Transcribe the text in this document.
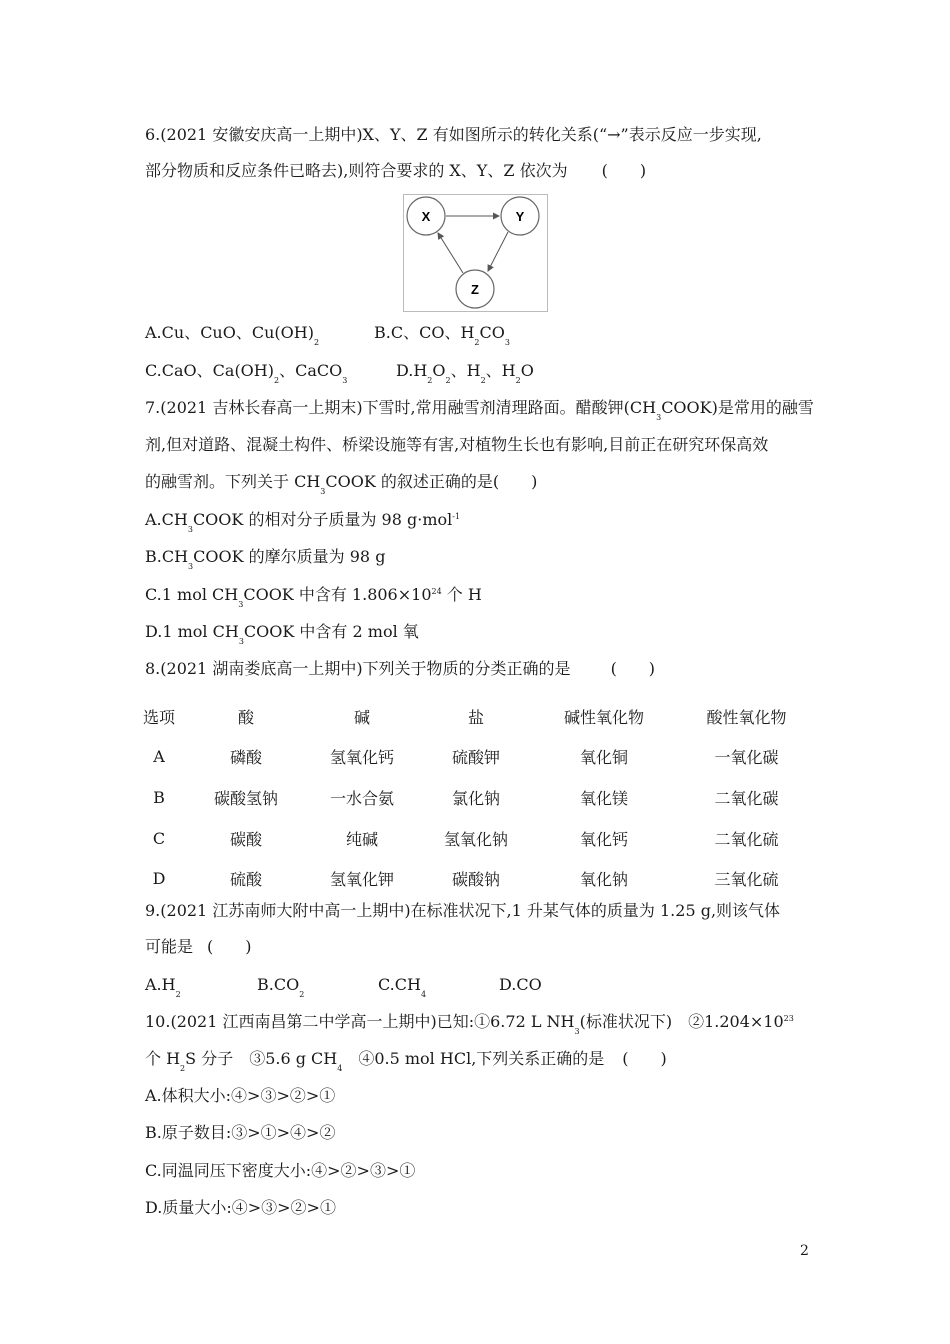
6.(2021 安徽安庆高一上期中)X、Y、Z 有如图所示的转化关系(“→”表示反应一步实现,
部分物质和反应条件已略去),则符合要求的 X、Y、Z 依次为 (　　)
X	Y
Z
A.Cu、CuO、$Cu(OH)_2$
B.C、CO、$H_2CO_3$
C.CaO、$Ca(OH)_2$、CaCO$_3$
$D.H_2O_2$、$H_2$、$H_2O$
7.(2021 吉林长春高一上期末)下雪时,常用融雪剂清理路面。醋酸钾$(CH_3COOK)$是常用的融雪
剂,但对道路、混凝土构件、桥梁设施等有害,对植物生长也有影响,目前正在研究环保高效
的融雪剂。下列关于 $CH_3COOK$ 的叙述正确的是(　　)
$A.CH_3COOK$ 的相对分子质量为 98 g·mol$^{-1}$
$B.CH_3COOK$ 的摩尔质量为 98 g
C.1 mol $CH_3COOK$ 中含有 $1.806\times 10^{24}$ 个 H
D.1 mol $CH_3COOK$ 中含有 2 mol 氧
8.(2021 湖南娄底高一上期中)下列关于物质的分类正确的是	(　　)
选项	酸	碱	盐	碱性氧化物	酸性氧化物
A	磷酸	氢氧化钙	硫酸钾	氧化铜	一氧化碳
B	碳酸氢钠	一水合氨	氯化钠	氧化镁	二氧化碳
C	碳酸	纯碱	氢氧化钠	氧化钙	二氧化硫
D	硫酸	氢氧化钾	碳酸钠	氧化钠	三氧化硫
9.(2021 江苏南师大附中高一上期中)在标准状况下,1 升某气体的质量为 1.25 g,则该气体
可能是 (　　)
$A.H_2$
$B.CO_2$
$C.CH_4$
D.CO
10.(2021 江西南昌第二中学高一上期中)已知:①6.72 L $NH_3$(标准状况下)　$②1.204\times 10^{23}$
个 $H_2S$ 分子　③5.6 g $CH_4$　④0.5 mol HCl,下列关系正确的是 (　　)
A.体积大小:④>③>②>①
B.原子数目:③>①>④>②
C.同温同压下密度大小:④>②>③>①
D.质量大小:④>③>②>①
2
